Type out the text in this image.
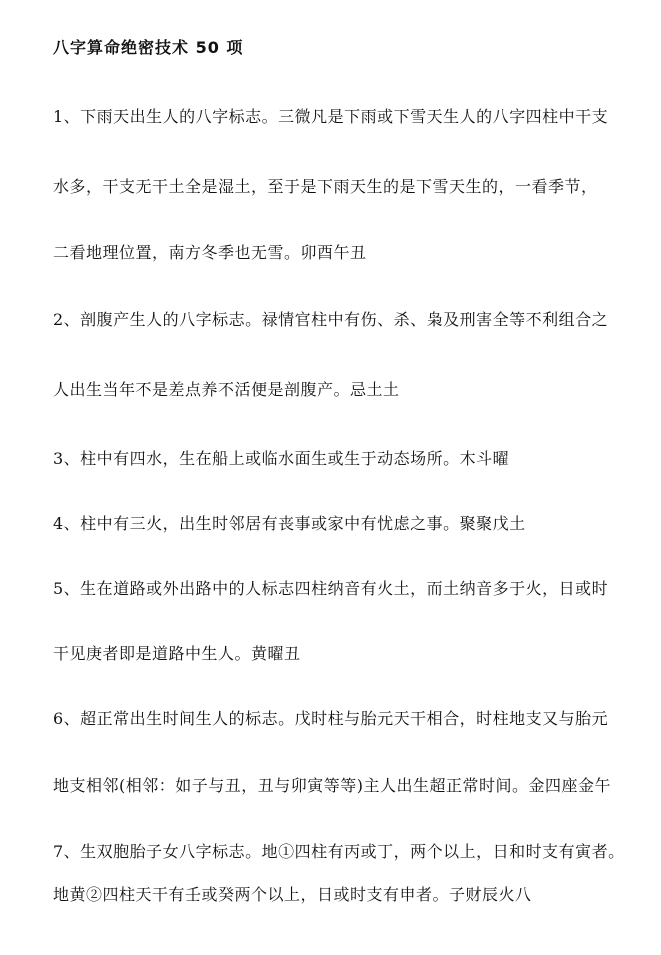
八字算命绝密技术 50 项
1、下雨天出生人的八字标志。三微凡是下雨或下雪天生人的八字四柱中干支
水多，干支无干土全是湿土，至于是下雨天生的是下雪天生的，一看季节，
二看地理位置，南方冬季也无雪。卯酉午丑
2、剖腹产生人的八字标志。禄情官柱中有伤、杀、枭及刑害全等不利组合之
人出生当年不是差点养不活便是剖腹产。忌土土
3、柱中有四水，生在船上或临水面生或生于动态场所。木斗曜
4、柱中有三火，出生时邻居有丧事或家中有忧虑之事。聚聚戊土
5、生在道路或外出路中的人标志四柱纳音有火土，而土纳音多于火，日或时
干见庚者即是道路中生人。黄曜丑
6、超正常出生时间生人的标志。戊时柱与胎元天干相合，时柱地支又与胎元
地支相邻(相邻：如子与丑，丑与卯寅等等)主人出生超正常时间。金四座金午
7、生双胞胎子女八字标志。地①四柱有丙或丁，两个以上，日和时支有寅者。
地黄②四柱天干有壬或癸两个以上，日或时支有申者。子财辰火八
